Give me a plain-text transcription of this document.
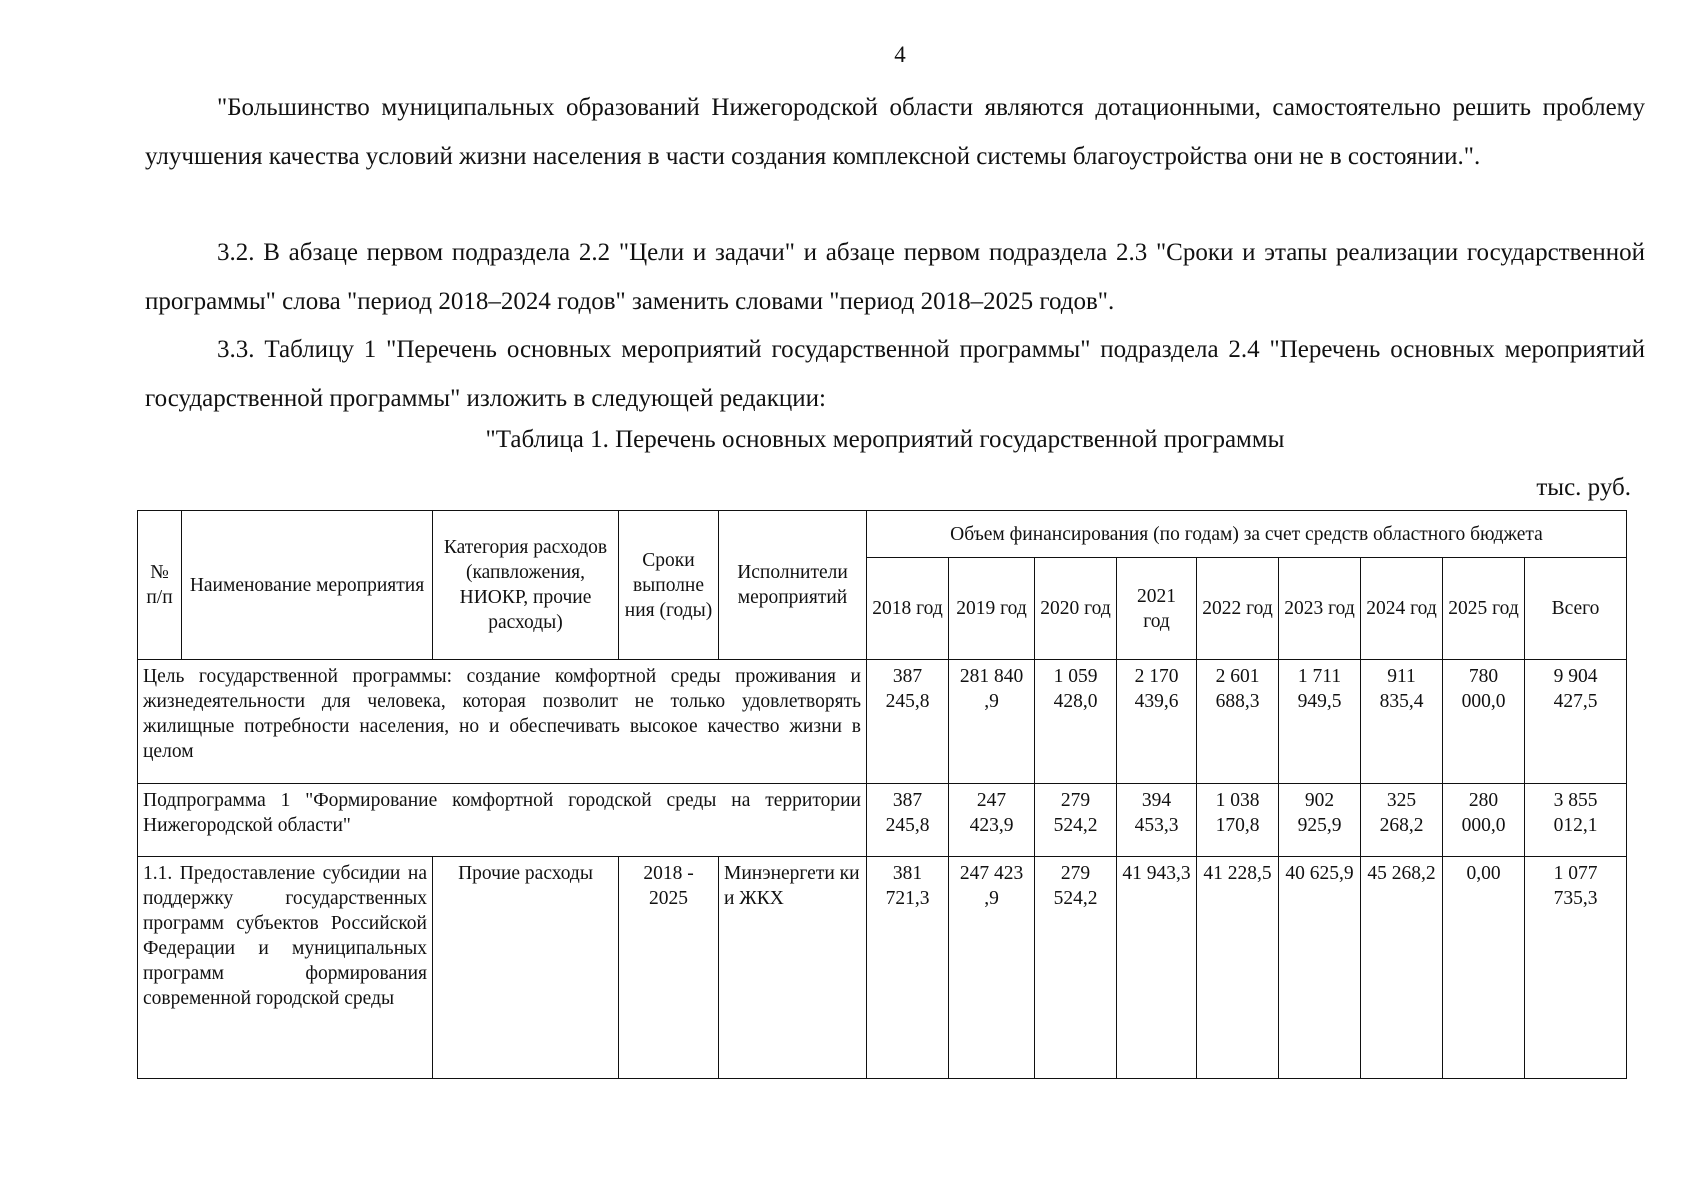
4

"Большинство муниципальных образований Нижегородской области являются дотационными, самостоятельно решить проблему улучшения качества условий жизни населения в части создания комплексной системы благоустройства они не в состоянии.".

3.2. В абзаце первом подраздела 2.2 "Цели и задачи" и абзаце первом подраздела 2.3 "Сроки и этапы реализации государственной программы" слова "период 2018–2024 годов" заменить словами "период 2018–2025 годов".

3.3. Таблицу 1 "Перечень основных мероприятий государственной программы" подраздела 2.4 "Перечень основных мероприятий государственной программы" изложить в следующей редакции:

"Таблица 1. Перечень основных мероприятий государственной программы
тыс. руб.
№ п/п	Наименование мероприятия	Категория расходов (капвложения, НИОКР, прочие расходы)	Сроки выполне ния (годы)	Исполнители мероприятий	Объем финансирования (по годам) за счет средств областного бюджета								
					2018 год	2019 год	2020 год	2021 год	2022 год	2023 год	2024 год	2025 год	Всего
Цель государственной программы: создание комфортной среды проживания и жизнедеятельности для человека, которая позволит не только удовлетворять жилищные потребности населения, но и обеспечивать высокое качество жизни в целом					387 245,8	281 840 ,9	1 059 428,0	2 170 439,6	2 601 688,3	1 711 949,5	911 835,4	780 000,0	9 904 427,5
Подпрограмма 1 "Формирование комфортной городской среды на территории Нижегородской области"					387 245,8	247 423,9	279 524,2	394 453,3	1 038 170,8	902 925,9	325 268,2	280 000,0	3 855 012,1
1.1. Предоставление субсидии на поддержку государственных программ субъектов Российской Федерации и муниципальных программ формирования современной городской среды		Прочие расходы	2018 - 2025	Минэнергети ки и ЖКХ	381 721,3	247 423 ,9	279 524,2	41 943,3	41 228,5	40 625,9	45 268,2	0,00	1 077 735,3
